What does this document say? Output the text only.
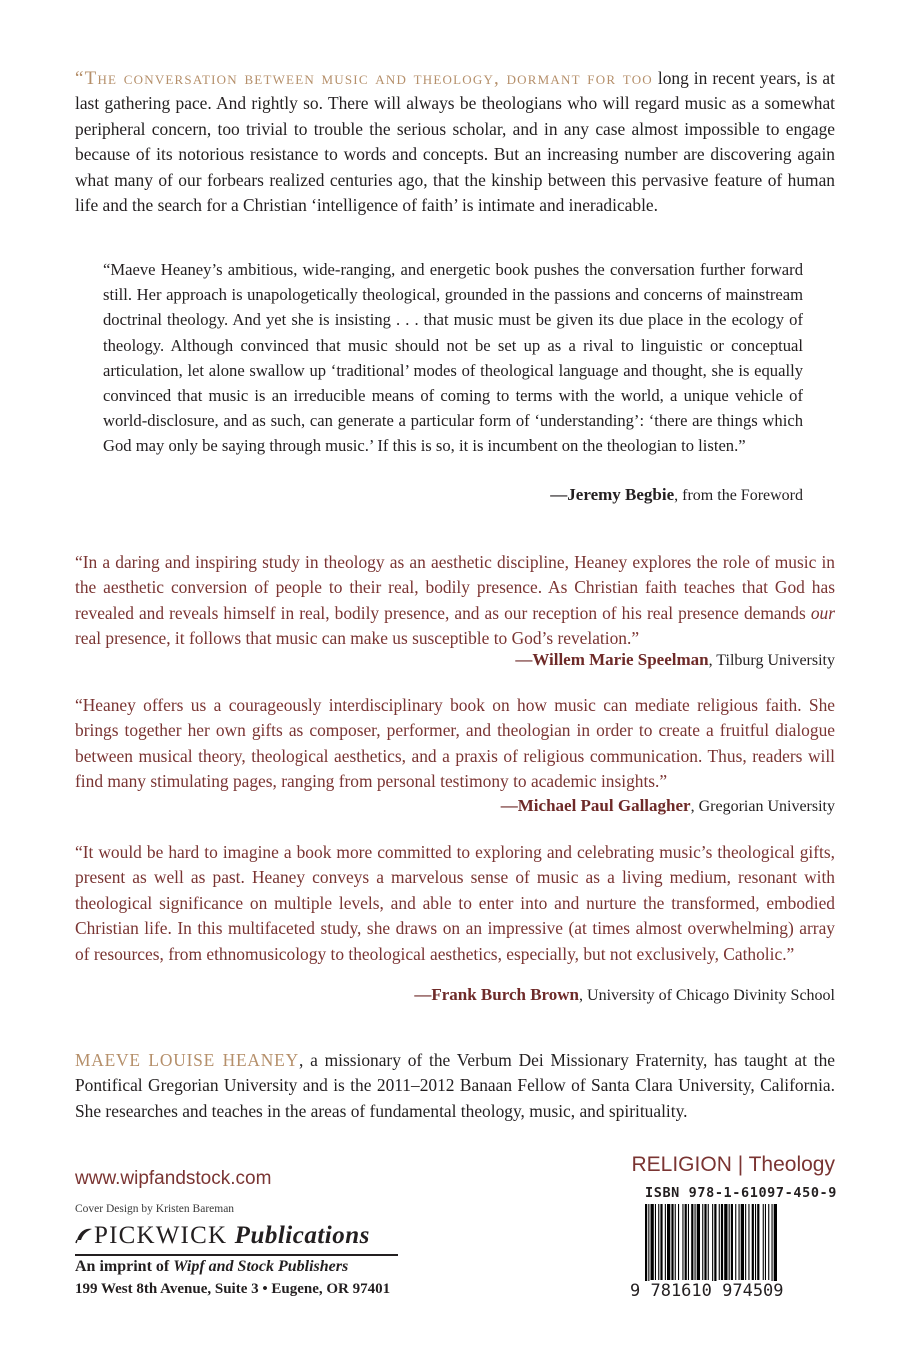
“The conversation between music and theology, dormant for too long in recent years, is at last gathering pace. And rightly so. There will always be theologians who will regard music as a somewhat peripheral concern, too trivial to trouble the serious scholar, and in any case almost impossible to engage because of its notorious resistance to words and concepts. But an increasing number are discovering again what many of our forbears realized centuries ago, that the kinship between this pervasive feature of human life and the search for a Christian ‘intelligence of faith’ is intimate and ineradicable.

“Maeve Heaney’s ambitious, wide-ranging, and energetic book pushes the conversation further forward still. Her approach is unapologetically theological, grounded in the passions and concerns of mainstream doctrinal theology. And yet she is insisting . . . that music must be given its due place in the ecology of theology. Although convinced that music should not be set up as a rival to linguistic or conceptual articulation, let alone swallow up ‘traditional’ modes of theological language and thought, she is equally convinced that music is an irreducible means of coming to terms with the world, a unique vehicle of world-disclosure, and as such, can generate a particular form of ‘understanding’: ‘there are things which God may only be saying through music.’ If this is so, it is incumbent on the theologian to listen.”

—Jeremy Begbie, from the Foreword

“In a daring and inspiring study in theology as an aesthetic discipline, Heaney explores the role of music in the aesthetic conversion of people to their real, bodily presence. As Christian faith teaches that God has revealed and reveals himself in real, bodily presence, and as our reception of his real presence demands our real presence, it follows that music can make us susceptible to God’s revelation.”

—Willem Marie Speelman, Tilburg University

“Heaney offers us a courageously interdisciplinary book on how music can mediate religious faith. She brings together her own gifts as composer, performer, and theologian in order to create a fruitful dialogue between musical theory, theological aesthetics, and a praxis of religious communication. Thus, readers will find many stimulating pages, ranging from personal testimony to academic insights.”

—Michael Paul Gallagher, Gregorian University

“It would be hard to imagine a book more committed to exploring and celebrating music’s theological gifts, present as well as past. Heaney conveys a marvelous sense of music as a living medium, resonant with theological significance on multiple levels, and able to enter into and nurture the transformed, embodied Christian life. In this multifaceted study, she draws on an impressive (at times almost overwhelming) array of resources, from ethnomusicology to theological aesthetics, especially, but not exclusively, Catholic.”

—Frank Burch Brown, University of Chicago Divinity School

MAEVE LOUISE HEANEY, a missionary of the Verbum Dei Missionary Fraternity, has taught at the Pontifical Gregorian University and is the 2011–2012 Banaan Fellow of Santa Clara University, California. She researches and teaches in the areas of fundamental theology, music, and spirituality.

www.wipfandstock.com
Cover Design by Kristen Bareman
PICKWICK Publications
An imprint of Wipf and Stock Publishers
199 West 8th Avenue, Suite 3 • Eugene, OR 97401
RELIGION | Theology
ISBN 978-1-61097-450-9
9 781610 974509
